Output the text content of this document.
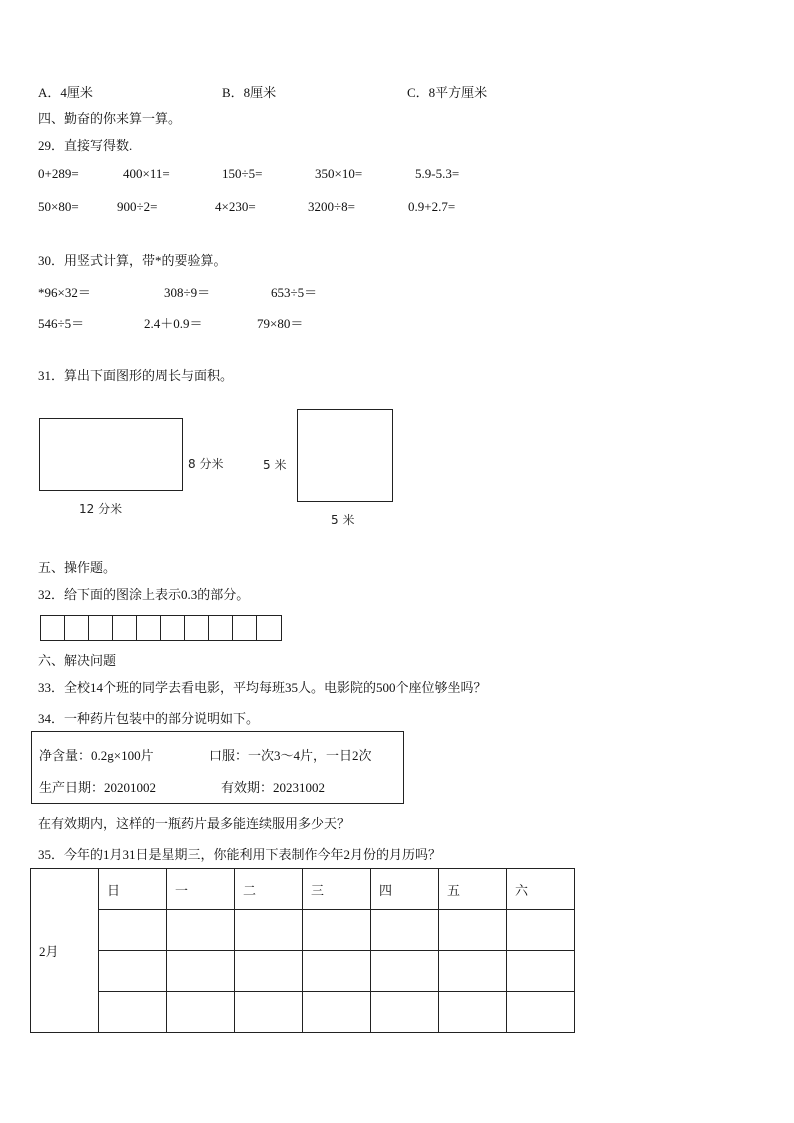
A．4厘米	B．8厘米	C．8平方厘米
四、勤奋的你来算一算。
29．直接写得数.
0+289=	400×11=	150÷5=	350×10=	5.9-5.3=
50×80=	900÷2=	4×230=	3200÷8=	0.9+2.7=
30．用竖式计算，带*的要验算。
*96×32＝	308÷9＝	653÷5＝
546÷5＝	2.4＋0.9＝	79×80＝
31．算出下面图形的周长与面积。
8 分米
12 分米
5 米
5 米
五、操作题。
32．给下面的图涂上表示0.3的部分。
六、解决问题
33．全校14个班的同学去看电影，平均每班35人。电影院的500个座位够坐吗？
34．一种药片包装中的部分说明如下。
净含量：0.2g×100片	口服：一次3～4片，一日2次
生产日期：20201002	有效期：20231002
在有效期内，这样的一瓶药片最多能连续服用多少天？
35．今年的1月31日是星期三，你能利用下表制作今年2月份的月历吗？
2月	日	一	二	三	四	五	六
